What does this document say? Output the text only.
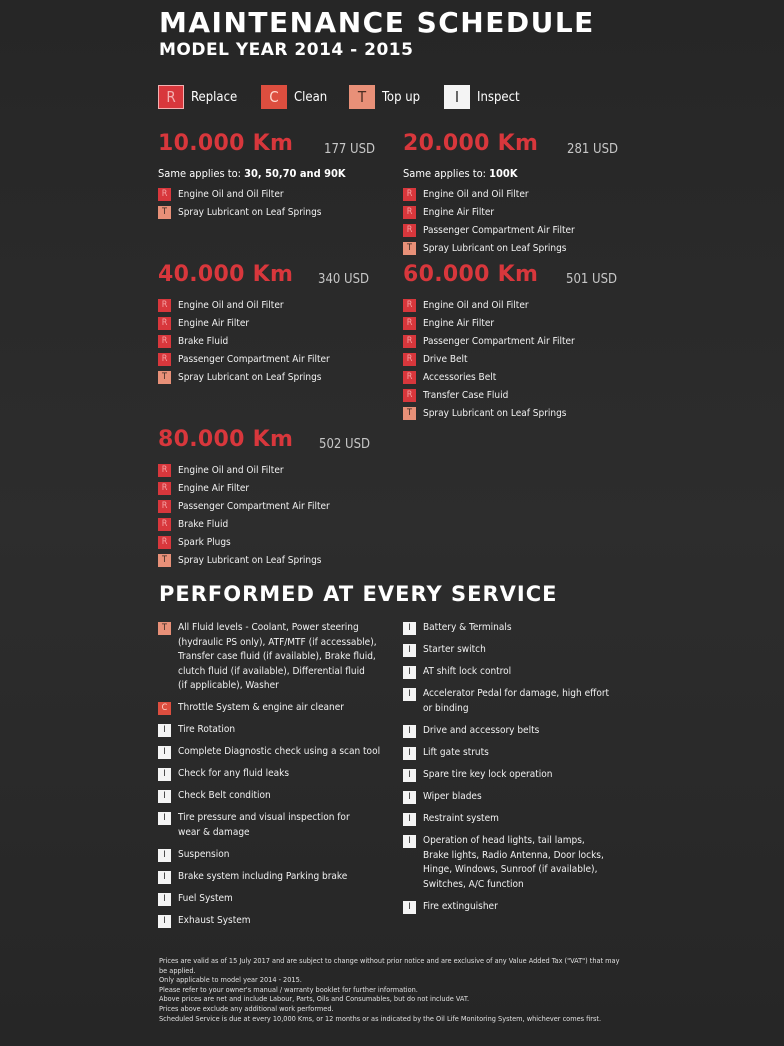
MAINTENANCE SCHEDULE
MODEL YEAR 2014 - 2015
R	Replace	C	Clean	T	Top up	I	Inspect
10.000 Km 177 USD
Same applies to: 30, 50,70 and 90K
R	Engine Oil and Oil Filter
T	Spray Lubricant on Leaf Springs
20.000 Km 281 USD
Same applies to: 100K
R	Engine Oil and Oil Filter
R	Engine Air Filter
R	Passenger Compartment Air Filter
T	Spray Lubricant on Leaf Springs
40.000 Km 340 USD
R	Engine Oil and Oil Filter
R	Engine Air Filter
R	Brake Fluid
R	Passenger Compartment Air Filter
T	Spray Lubricant on Leaf Springs
60.000 Km 501 USD
R	Engine Oil and Oil Filter
R	Engine Air Filter
R	Passenger Compartment Air Filter
R	Drive Belt
R	Accessories Belt
R	Transfer Case Fluid
T	Spray Lubricant on Leaf Springs
80.000 Km 502 USD
R	Engine Oil and Oil Filter
R	Engine Air Filter
R	Passenger Compartment Air Filter
R	Brake Fluid
R	Spark Plugs
T	Spray Lubricant on Leaf Springs
PERFORMED AT EVERY SERVICE
T	All Fluid levels - Coolant, Power steering
(hydraulic PS only), ATF/MTF (if accessable),
Transfer case fluid (if available), Brake fluid,
clutch fluid (if available), Differential fluid
(if applicable), Washer
C	Throttle System & engine air cleaner
I	Tire Rotation
I	Complete Diagnostic check using a scan tool
I	Check for any fluid leaks
I	Check Belt condition
I	Tire pressure and visual inspection for
wear & damage
I	Suspension
I	Brake system including Parking brake
I	Fuel System
I	Exhaust System
I	Battery & Terminals
I	Starter switch
I	AT shift lock control
I	Accelerator Pedal for damage, high effort
or binding
I	Drive and accessory belts
I	Lift gate struts
I	Spare tire key lock operation
I	Wiper blades
I	Restraint system
I	Operation of head lights, tail lamps,
Brake lights, Radio Antenna, Door locks,
Hinge, Windows, Sunroof (if available),
Switches, A/C function
I	Fire extinguisher
Prices are valid as of 15 July 2017 and are subject to change without prior notice and are exclusive of any Value Added Tax ("VAT") that may be applied.
Only applicable to model year 2014 - 2015.
Please refer to your owner's manual / warranty booklet for further information.
Above prices are net and include Labour, Parts, Oils and Consumables, but do not include VAT.
Prices above exclude any additional work performed.
Scheduled Service is due at every 10,000 Kms, or 12 months or as indicated by the Oil Life Monitoring System, whichever comes first.
